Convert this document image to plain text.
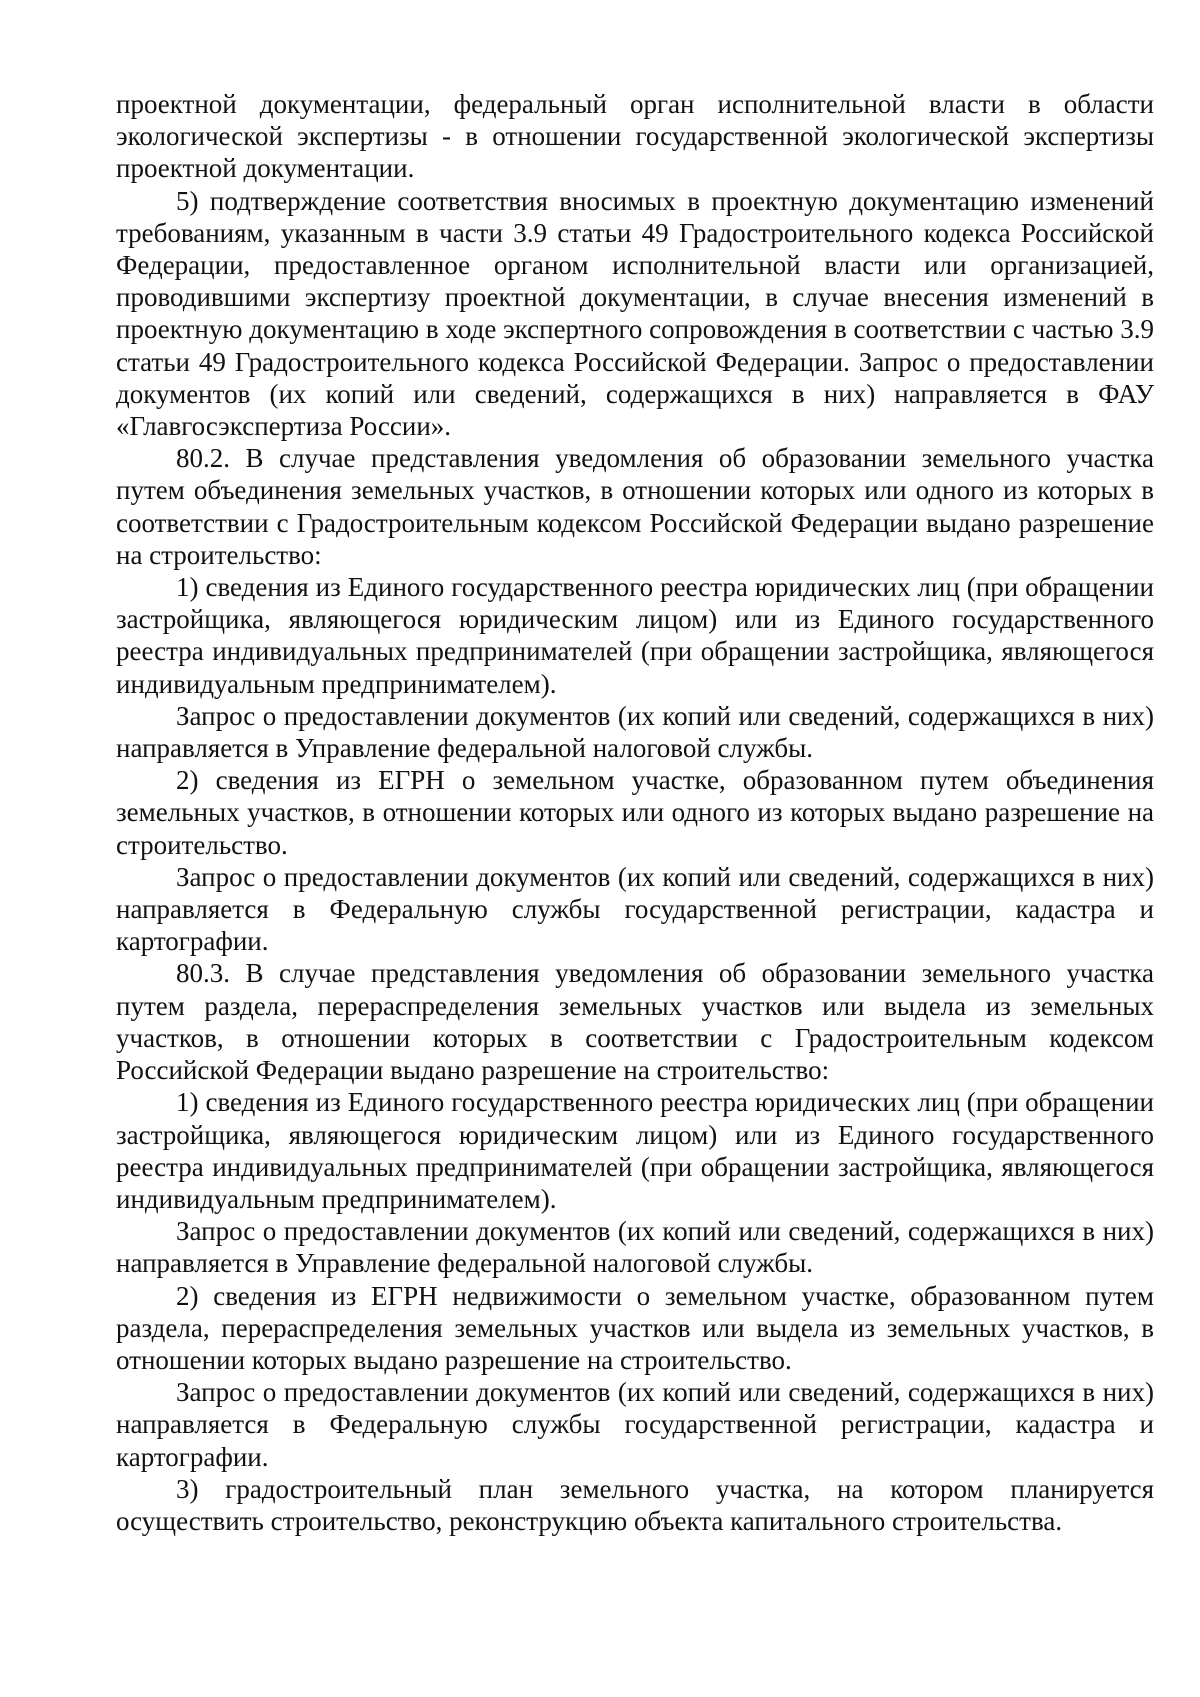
проектной документации, федеральный орган исполнительной власти в области экологической экспертизы - в отношении государственной экологической экспертизы проектной документации.

5) подтверждение соответствия вносимых в проектную документацию изменений требованиям, указанным в части 3.9 статьи 49 Градостроительного кодекса Российской Федерации, предоставленное органом исполнительной власти или организацией, проводившими экспертизу проектной документации, в случае внесения изменений в проектную документацию в ходе экспертного сопровождения в соответствии с частью 3.9 статьи 49 Градостроительного кодекса Российской Федерации. Запрос о предоставлении документов (их копий или сведений, содержащихся в них) направляется в ФАУ «Главгосэкспертиза России».

80.2. В случае представления уведомления об образовании земельного участка путем объединения земельных участков, в отношении которых или одного из которых в соответствии с Градостроительным кодексом Российской Федерации выдано разрешение на строительство:

1) сведения из Единого государственного реестра юридических лиц (при обращении застройщика, являющегося юридическим лицом) или из Единого государственного реестра индивидуальных предпринимателей (при обращении застройщика, являющегося индивидуальным предпринимателем).

Запрос о предоставлении документов (их копий или сведений, содержащихся в них) направляется в Управление федеральной налоговой службы.

2) сведения из ЕГРН о земельном участке, образованном путем объединения земельных участков, в отношении которых или одного из которых выдано разрешение на строительство.

Запрос о предоставлении документов (их копий или сведений, содержащихся в них) направляется в Федеральную службы государственной регистрации, кадастра и картографии.

80.3. В случае представления уведомления об образовании земельного участка путем раздела, перераспределения земельных участков или выдела из земельных участков, в отношении которых в соответствии с Градостроительным кодексом Российской Федерации выдано разрешение на строительство:

1) сведения из Единого государственного реестра юридических лиц (при обращении застройщика, являющегося юридическим лицом) или из Единого государственного реестра индивидуальных предпринимателей (при обращении застройщика, являющегося индивидуальным предпринимателем).

Запрос о предоставлении документов (их копий или сведений, содержащихся в них) направляется в Управление федеральной налоговой службы.

2) сведения из ЕГРН недвижимости о земельном участке, образованном путем раздела, перераспределения земельных участков или выдела из земельных участков, в отношении которых выдано разрешение на строительство.

Запрос о предоставлении документов (их копий или сведений, содержащихся в них) направляется в Федеральную службы государственной регистрации, кадастра и картографии.

3) градостроительный план земельного участка, на котором планируется осуществить строительство, реконструкцию объекта капитального строительства.
